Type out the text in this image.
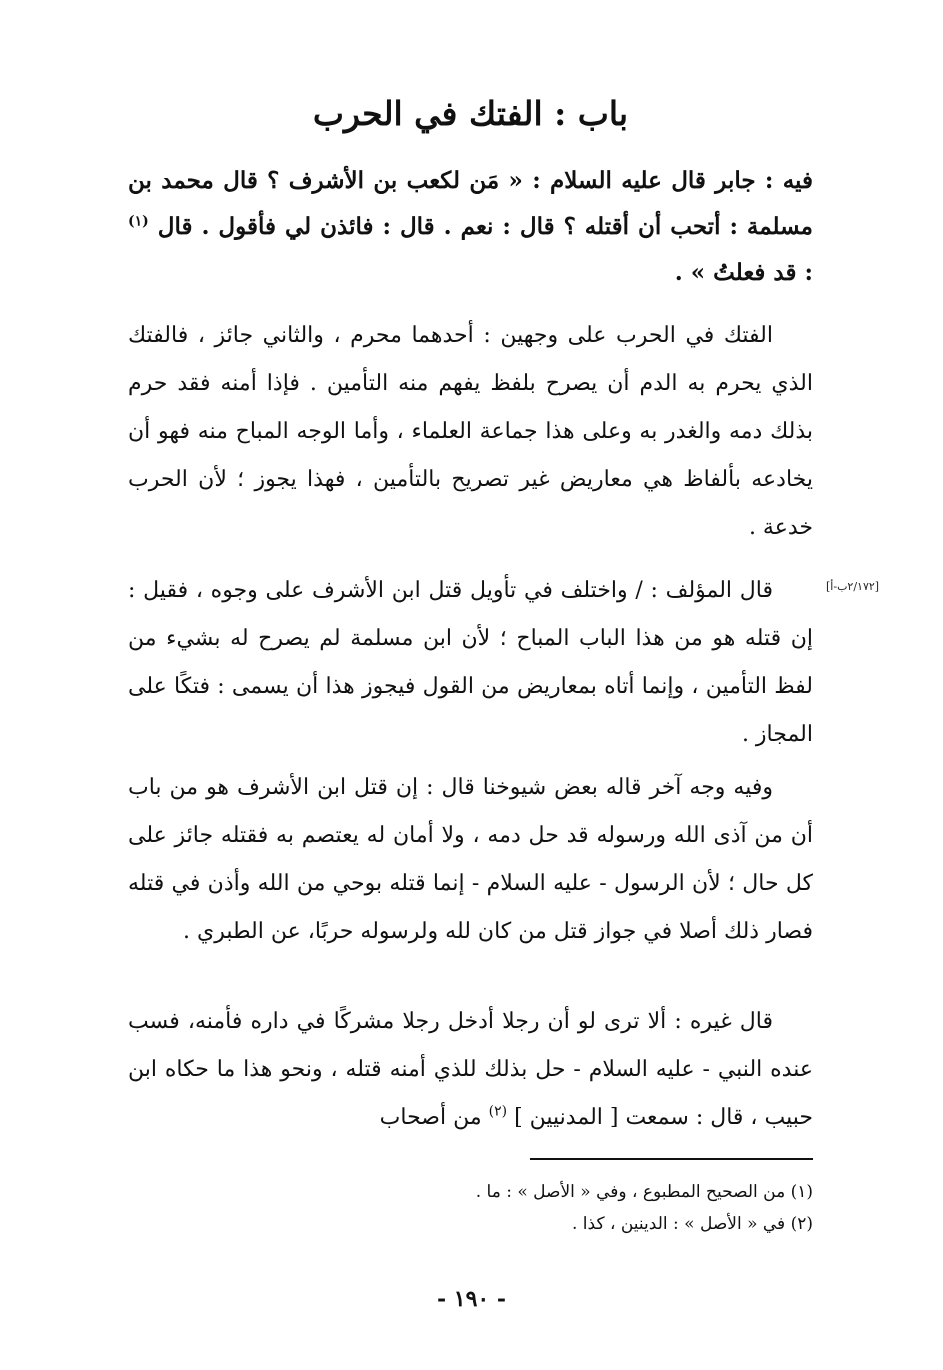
باب : الفتك في الحرب
فيه : جابر قال عليه السلام : « مَن لكعب بن الأشرف ؟ قال محمد بن مسلمة : أتحب أن أقتله ؟ قال : نعم . قال : فائذن لي فأقول . قال $^{(١)}$ : قد فعلتُ » .
الفتك في الحرب على وجهين : أحدهما محرم ، والثاني جائز ، فالفتك الذي يحرم به الدم أن يصرح بلفظ يفهم منه التأمين . فإذا أمنه فقد حرم بذلك دمه والغدر به وعلى هذا جماعة العلماء ، وأما الوجه المباح منه فهو أن يخادعه بألفاظ هي معاريض غير تصريح بالتأمين ، فهذا يجوز ؛ لأن الحرب خدعة .
قال المؤلف : / واختلف في تأويل قتل ابن الأشرف على وجوه ، فقيل : إن قتله هو من هذا الباب المباح ؛ لأن ابن مسلمة لم يصرح له بشيء من لفظ التأمين ، وإنما أتاه بمعاريض من القول فيجوز هذا أن يسمى : فتكًا على المجاز .
[٢/١٧٢ب-أ]
وفيه وجه آخر قاله بعض شيوخنا قال : إن قتل ابن الأشرف هو من باب أن من آذى الله ورسوله قد حل دمه ، ولا أمان له يعتصم به فقتله جائز على كل حال ؛ لأن الرسول - عليه السلام - إنما قتله بوحي من الله وأذن في قتله فصار ذلك أصلا في جواز قتل من كان لله ولرسوله حربًا، عن الطبري .
قال غيره : ألا ترى لو أن رجلا أدخل رجلا مشركًا في داره فأمنه، فسب عنده النبي - عليه السلام - حل بذلك للذي أمنه قتله ، ونحو هذا ما حكاه ابن حبيب ، قال : سمعت [ المدنيين ] $^{(٢)}$ من أصحاب
(١) من الصحيح المطبوع ، وفي « الأصل » : ما .
(٢) في « الأصل » : الدينين ، كذا .
- ١٩٠ -
